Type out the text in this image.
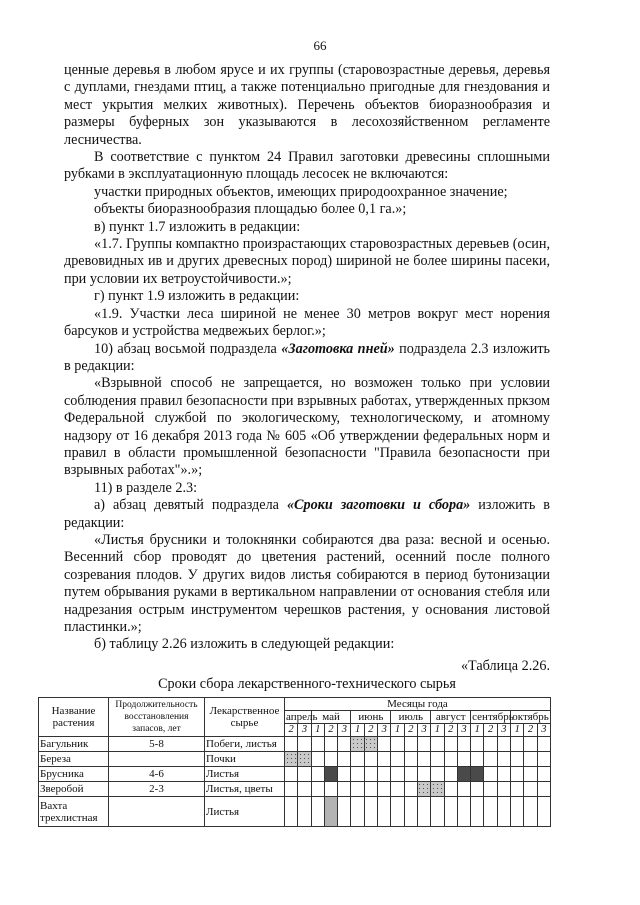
66

ценные деревья в любом ярусе и их группы (старовозрастные деревья, деревья с дуплами, гнездами птиц, а также потенциально пригодные для гнездования и мест укрытия мелких животных). Перечень объектов биоразнообразия и размеры буферных зон указываются в лесохозяйственном регламенте лесничества.

В соответствие с пунктом 24 Правил заготовки древесины сплошными рубками в эксплуатационную площадь лесосек не включаются:

участки природных объектов, имеющих природоохранное значение;

объекты биоразнообразия площадью более 0,1 га.»;

в) пункт 1.7 изложить в редакции:

«1.7. Группы компактно произрастающих старовозрастных деревьев (осин, древовидных ив и других древесных пород) шириной не более ширины пасеки, при условии их ветроустойчивости.»;

г) пункт 1.9 изложить в редакции:

«1.9. Участки леса шириной не менее 30 метров вокруг мест норения барсуков и устройства медвежьих берлог.»;

10) абзац восьмой подраздела «Заготовка пней» подраздела 2.3 изложить в редакции:

«Взрывной способ не запрещается, но возможен только при условии соблюдения правил безопасности при взрывных работах, утвержденных пркзом Федеральной службой по экологическому, технологическому, и атомному надзору от 16 декабря 2013 года № 605 «Об утверждении федеральных норм и правил в области промышленной безопасности "Правила безопасности при взрывных работах"».»;

11) в разделе 2.3:

а) абзац девятый подраздела «Сроки заготовки и сбора» изложить в редакции:

«Листья брусники и толокнянки собираются два раза: весной и осенью. Весенний сбор проводят до цветения растений, осенний после полного созревания плодов. У других видов листья собираются в период бутонизации путем обрывания руками в вертикальном направлении от основания стебля или надрезания острым инструментом черешков растения, у основания листовой пластинки.»;

б) таблицу 2.26 изложить в следующей редакции:

«Таблица 2.26.
Сроки сбора лекарственного-технического сырья
Название растения	Продолжительность восстановления запасов, лет	Лекарственное сырье	Месяцы года																			
			апрель		май			июнь			июль			август			сентябрь			октябрь		
			2	3	1	2	3	1	2	3	1	2	3	1	2	3	1	2	3	1	2	3
Багульник	5-8	Побеги, листья																				
Береза		Почки																				
Брусника	4-6	Листья																				
Зверобой	2-3	Листья, цветы																				
Вахта трехлистная		Листья																				
